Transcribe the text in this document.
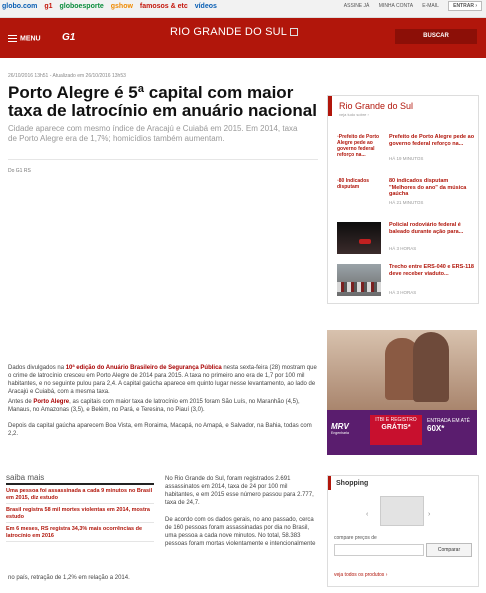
globo.com g1 globoesporte gshow famosos & etc vídeos	ASSINE JÁ MINHA CONTA E-MAIL	ENTRAR ›
MENU G1	RIO GRANDE DO SUL	BUSCAR
26/10/2016 13h51 - Atualizado em 26/10/2016 13h53
Porto Alegre é 5ª capital com maior taxa de latrocínio em anuário nacional
Cidade aparece com mesmo índice de Aracajú e Cuiabá em 2015. Em 2014, taxa de Porto Alegre era de 1,7%; homicídios também aumentam.
Do G1 RS
Dados divulgados na 10ª edição do Anuário Brasileiro de Segurança Pública nesta sexta-feira (28) mostram que o crime de latrocínio cresceu em Porto Alegre de 2014 para 2015. A taxa no primeiro ano era de 1,7 por 100 mil habitantes, e no seguinte pulou para 2,4. A capital gaúcha aparece em quinto lugar nesse levantamento, ao lado de Aracajú e Cuiabá, com a mesma taxa.
Antes de Porto Alegre, as capitais com maior taxa de latrocínio em 2015 foram São Luís, no Maranhão (4,5), Manaus, no Amazonas (3,5), e Belém, no Pará, e Teresina, no Piauí (3,0).
Depois da capital gaúcha aparecem Boa Vista, em Roraima, Macapá, no Amapá, e Salvador, na Bahia, todas com 2,2.
saiba mais
Uma pessoa foi assassinada a cada 9 minutos no Brasil em 2015, diz estudo
Brasil registra 58 mil mortes violentas em 2014, mostra estudo
Em 6 meses, RS registra 34,3% mais ocorrências de latrocínio em 2016
no país, retração de 1,2% em relação a 2014.

No Rio Grande do Sul, foram registrados 2.691 assassinatos em 2014, taxa de 24 por 100 mil habitantes, e em 2015 esse número passou para 2.777, taxa de 24,7.

De acordo com os dados gerais, no ano passado, cerca de 160 pessoas foram assassinadas por dia no Brasil, uma pessoa a cada nove minutos. No total, 58.383 pessoas foram mortas violentamente e intencionalmente

Rio Grande do Sul
veja tudo sobre ›
▫Prefeito de Porto Alegre pede ao governo federal reforço na...
Prefeito de Porto Alegre pede ao governo federal reforço na...
HÁ 19 MINUTOS
▫80 Indicados disputam
80 indicados disputam "Melhores do ano" da música gaúcha
HÁ 21 MINUTOS
Policial rodoviário federal é baleado durante ação para...
HÁ 3 HORAS
Trecho entre ERS-040 e ERS-118 deve receber viaduto...
HÁ 3 HORAS
MRV
Engenharia
ITBI E REGISTRO
GRÁTIS*
ENTRADA EM ATÉ
60X*
Shopping
‹	›
compare preços de
Comparar
veja todos os produtos ›
